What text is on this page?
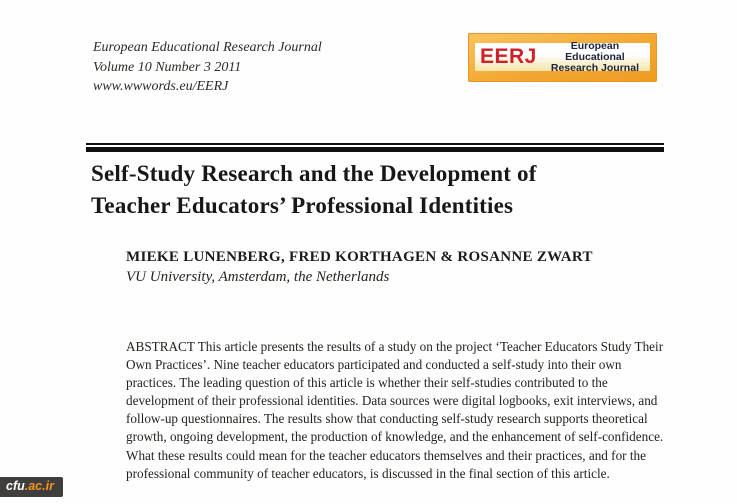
European Educational Research Journal
Volume 10 Number 3 2011
www.wwwords.eu/EERJ
EERJ	European Educational
Research Journal
Self-Study Research and the Development of
Teacher Educators’ Professional Identities
MIEKE LUNENBERG, FRED KORTHAGEN & ROSANNE ZWART
VU University, Amsterdam, the Netherlands
ABSTRACT This article presents the results of a study on the project ‘Teacher Educators Study Their Own Practices’. Nine teacher educators participated and conducted a self-study into their own practices. The leading question of this article is whether their self-studies contributed to the development of their professional identities. Data sources were digital logbooks, exit interviews, and follow-up questionnaires. The results show that conducting self-study research supports theoretical growth, ongoing development, the production of knowledge, and the enhancement of self-confidence. What these results could mean for the teacher educators themselves and their practices, and for the professional community of teacher educators, is discussed in the final section of this article.
cfu.ac.ir
